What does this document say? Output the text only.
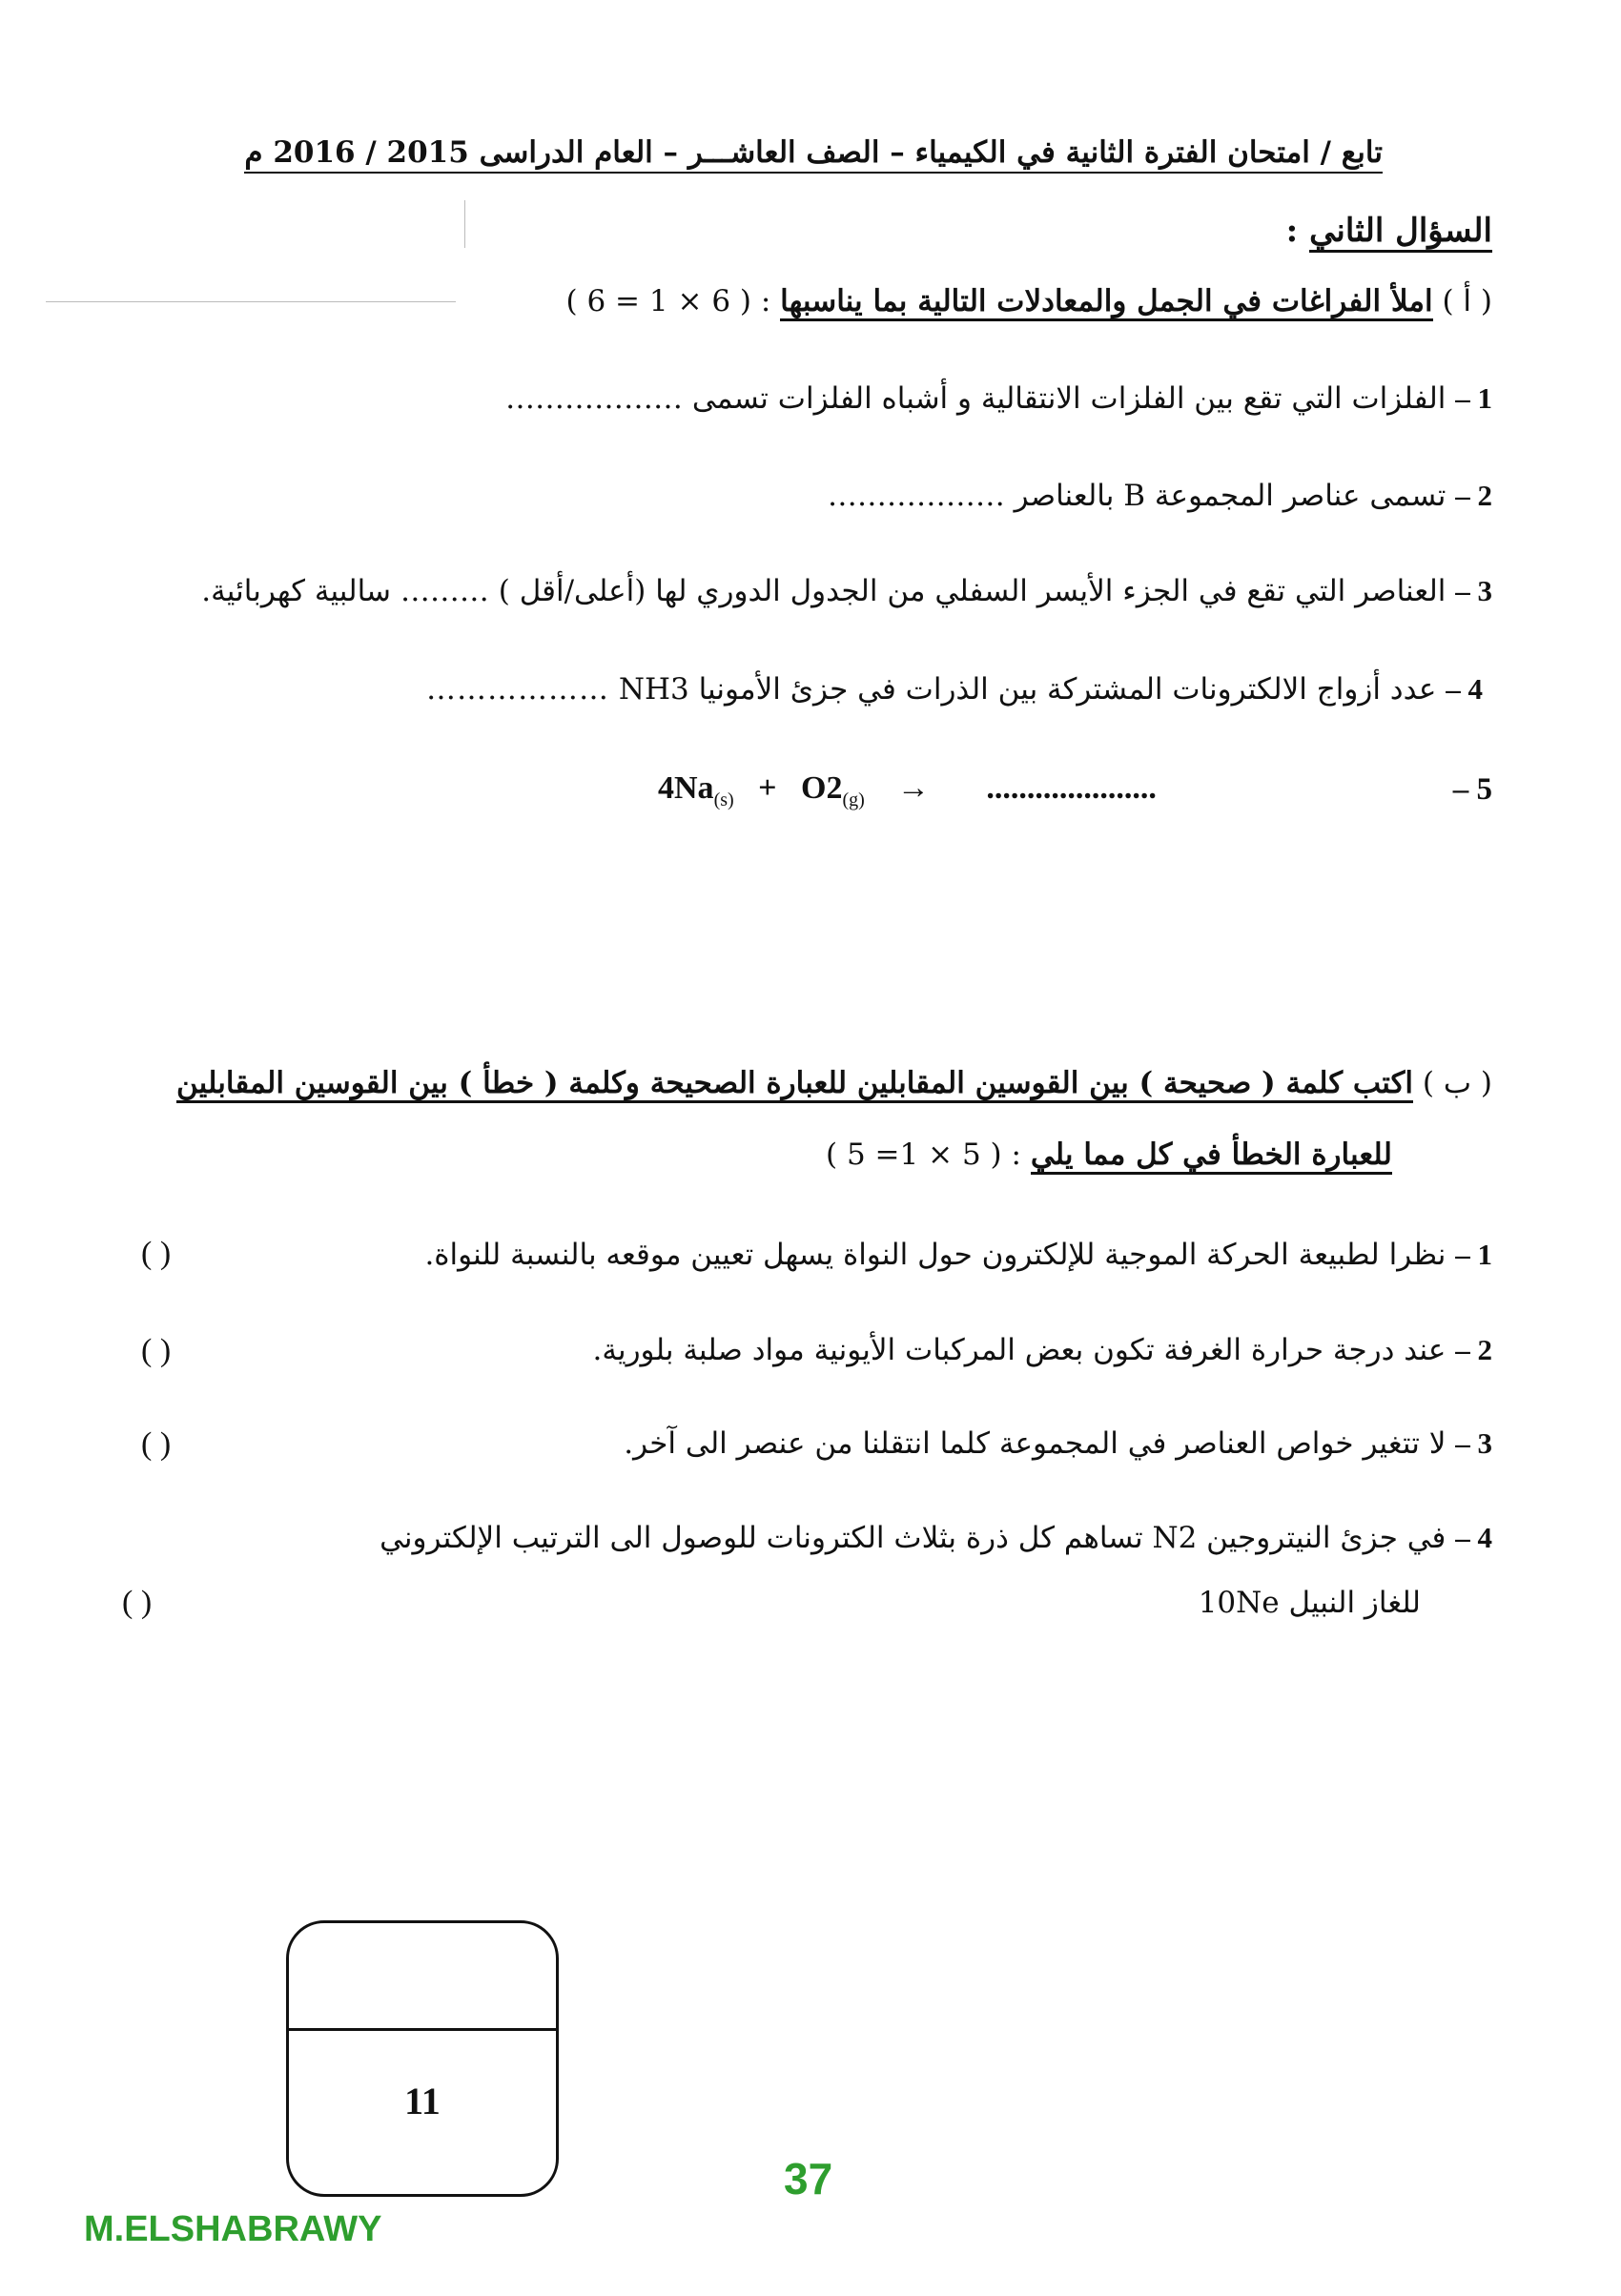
تابع / امتحان الفترة الثانية في الكيمياء – الصف العاشـــر – العام الدراسى 2015 / 2016 م
السؤال الثاني :
( أ ) املأ الفراغات في الجمل والمعادلات التالية بما يناسبها : ( 6 × 1 = 6 )
1 – الفلزات التي تقع بين الفلزات الانتقالية و أشباه الفلزات تسمى ………………
2 – تسمى عناصر المجموعة B بالعناصر ………………
3 – العناصر التي تقع في الجزء الأيسر السفلي من الجدول الدوري لها (أعلى/أقل ) ……… سالبية كهربائية.
4 – عدد أزواج الالكترونات المشتركة بين الذرات في جزئ الأمونيا NH3 ………………
– 5
$4Na_{(s)} + O2_{(g)}$ → .....................
( ب ) اكتب كلمة ( صحيحة ) بين القوسين المقابلين للعبارة الصحيحة وكلمة ( خطأ ) بين القوسين المقابلين
للعبارة الخطأ في كل مما يلي : ( 5 × 1= 5 )
1 – نظرا لطبيعة الحركة الموجية للإلكترون حول النواة يسهل تعيين موقعه بالنسبة للنواة.
( )
2 – عند درجة حرارة الغرفة تكون بعض المركبات الأيونية مواد صلبة بلورية.
( )
3 – لا تتغير خواص العناصر في المجموعة كلما انتقلنا من عنصر الى آخر.
( )
4 – في جزئ النيتروجين N2 تساهم كل ذرة بثلاث الكترونات للوصول الى الترتيب الإلكتروني
للغاز النبيل 10Ne
( )
11
37
M.ELSHABRAWY
